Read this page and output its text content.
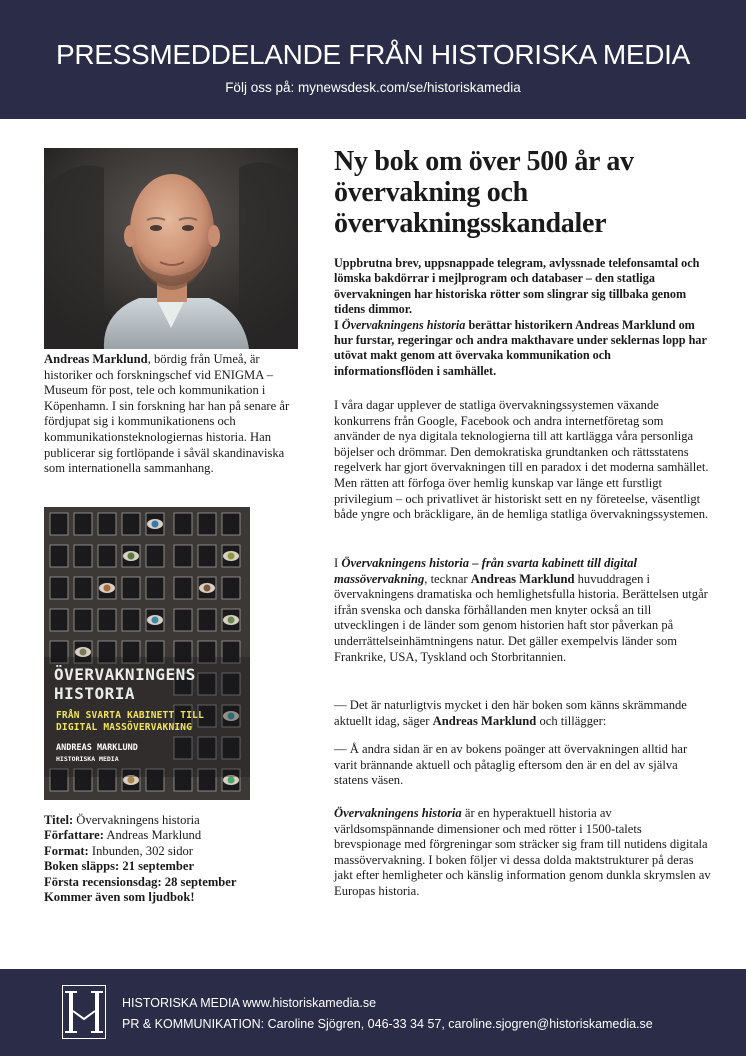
PRESSMEDDELANDE FRÅN HISTORISKA MEDIA
Följ oss på: mynewsdesk.com/se/historiskamedia
Andreas Marklund, bördig från Umeå, är historiker och forskningschef vid ENIGMA – Museum för post, tele och kommunikation i Köpenhamn. I sin forskning har han på senare år fördjupat sig i kommunikationens och kommunikationsteknologiernas historia. Han publicerar sig fortlöpande i såväl skandinaviska som internationella sammanhang.
ÖVERVAKNINGENS
HISTORIA
FRÅN SVARTA KABINETT TILL
DIGITAL MASSÖVERVAKNING
ANDREAS MARKLUND
HISTORISKA MEDIA
Titel: Övervakningens historia
Författare: Andreas Marklund
Format: Inbunden, 302 sidor
Boken släpps: 21 september
Första recensionsdag: 28 september
Kommer även som ljudbok!
Ny bok om över 500 år av övervakning och övervakningsskandaler
Uppbrutna brev, uppsnappade telegram, avlyssnade telefonsamtal och lömska bakdörrar i mejlprogram och databaser – den statliga övervakningen har historiska rötter som slingrar sig tillbaka genom tidens dimmor.
I Övervakningens historia berättar historikern Andreas Marklund om hur furstar, regeringar och andra makthavare under seklernas lopp har utövat makt genom att övervaka kommunikation och informationsflöden i samhället.
I våra dagar upplever de statliga övervakningssystemen växande konkurrens från Google, Facebook och andra internetföretag som använder de nya digitala teknologierna till att kartlägga våra personliga böjelser och drömmar. Den demokratiska grundtanken och rättsstatens regelverk har gjort övervakningen till en paradox i det moderna samhället. Men rätten att förfoga över hemlig kunskap var länge ett furstligt privilegium – och privatlivet är historiskt sett en ny företeelse, väsentligt både yngre och bräckligare, än de hemliga statliga övervakningssystemen.
I Övervakningens historia – från svarta kabinett till digital massövervakning, tecknar Andreas Marklund huvuddragen i övervakningens dramatiska och hemlighetsfulla historia. Berättelsen utgår ifrån svenska och danska förhållanden men knyter också an till utvecklingen i de länder som genom historien haft stor påverkan på underrättelseinhämtningens natur. Det gäller exempelvis länder som Frankrike, USA, Tyskland och Storbritannien.
— Det är naturligtvis mycket i den här boken som känns skrämmande aktuellt idag, säger Andreas Marklund och tillägger:
— Å andra sidan är en av bokens poänger att övervakningen alltid har varit brännande aktuell och påtaglig eftersom den är en del av själva statens väsen.
Övervakningens historia är en hyperaktuell historia av världsomspännande dimensioner och med rötter i 1500-talets brevspionage med förgreningar som sträcker sig fram till nutidens digitala massövervakning. I boken följer vi dessa dolda maktstrukturer på deras jakt efter hemligheter och känslig information genom dunkla skrymslen av Europas historia.
HISTORISKA MEDIA www.historiskamedia.se
PR & KOMMUNIKATION: Caroline Sjögren, 046-33 34 57, caroline.sjogren@historiskamedia.se
